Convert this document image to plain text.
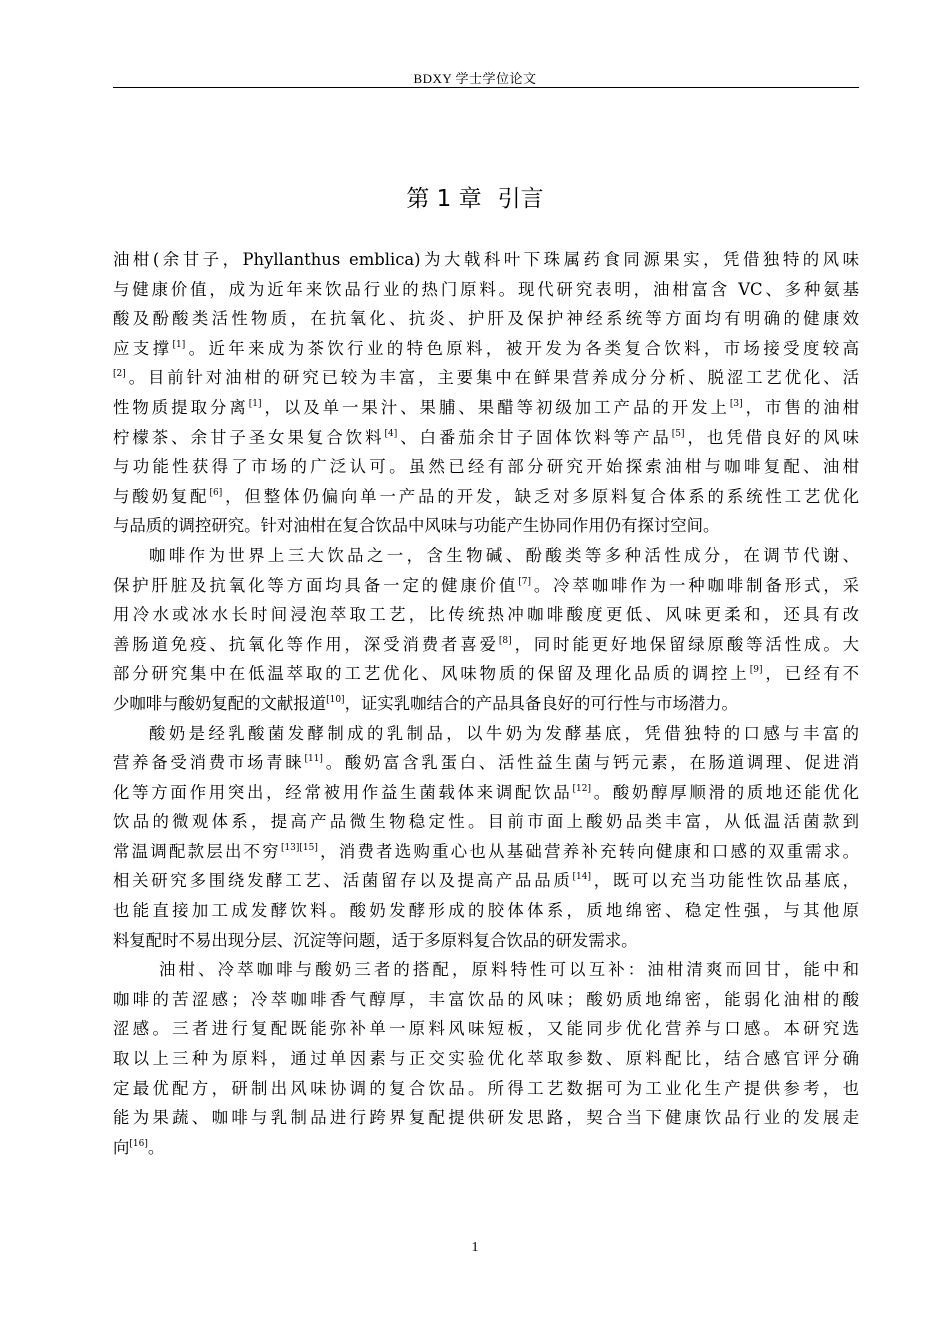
BDXY 学士学位论文
第 1 章 引言
油柑(余甘子，Phyllanthus emblica)为大戟科叶下珠属药食同源果实，凭借独特的风味
与健康价值，成为近年来饮品行业的热门原料。现代研究表明，油柑富含 VC、多种氨基
酸及酚酸类活性物质，在抗氧化、抗炎、护肝及保护神经系统等方面均有明确的健康效
应支撑[1]。近年来成为茶饮行业的特色原料，被开发为各类复合饮料，市场接受度较高
[2]。目前针对油柑的研究已较为丰富，主要集中在鲜果营养成分分析、脱涩工艺优化、活
性物质提取分离[1]，以及单一果汁、果脯、果醋等初级加工产品的开发上[3]，市售的油柑
柠檬茶、余甘子圣女果复合饮料[4]、白番茄余甘子固体饮料等产品[5]，也凭借良好的风味
与功能性获得了市场的广泛认可。虽然已经有部分研究开始探索油柑与咖啡复配、油柑
与酸奶复配[6]，但整体仍偏向单一产品的开发，缺乏对多原料复合体系的系统性工艺优化
与品质的调控研究。针对油柑在复合饮品中风味与功能产生协同作用仍有探讨空间。
咖啡作为世界上三大饮品之一，含生物碱、酚酸类等多种活性成分，在调节代谢、
保护肝脏及抗氧化等方面均具备一定的健康价值[7]。冷萃咖啡作为一种咖啡制备形式，采
用冷水或冰水长时间浸泡萃取工艺，比传统热冲咖啡酸度更低、风味更柔和，还具有改
善肠道免疫、抗氧化等作用，深受消费者喜爱[8]，同时能更好地保留绿原酸等活性成。大
部分研究集中在低温萃取的工艺优化、风味物质的保留及理化品质的调控上[9]，已经有不
少咖啡与酸奶复配的文献报道[10]，证实乳咖结合的产品具备良好的可行性与市场潜力。
酸奶是经乳酸菌发酵制成的乳制品，以牛奶为发酵基底，凭借独特的口感与丰富的
营养备受消费市场青睐[11]。酸奶富含乳蛋白、活性益生菌与钙元素，在肠道调理、促进消
化等方面作用突出，经常被用作益生菌载体来调配饮品[12]。酸奶醇厚顺滑的质地还能优化
饮品的微观体系，提高产品微生物稳定性。目前市面上酸奶品类丰富，从低温活菌款到
常温调配款层出不穷[13][15]，消费者选购重心也从基础营养补充转向健康和口感的双重需求。
相关研究多围绕发酵工艺、活菌留存以及提高产品品质[14]，既可以充当功能性饮品基底，
也能直接加工成发酵饮料。酸奶发酵形成的胶体体系，质地绵密、稳定性强，与其他原
料复配时不易出现分层、沉淀等问题，适于多原料复合饮品的研发需求。
油柑、冷萃咖啡与酸奶三者的搭配，原料特性可以互补：油柑清爽而回甘，能中和
咖啡的苦涩感；冷萃咖啡香气醇厚，丰富饮品的风味；酸奶质地绵密，能弱化油柑的酸
涩感。三者进行复配既能弥补单一原料风味短板，又能同步优化营养与口感。本研究选
取以上三种为原料，通过单因素与正交实验优化萃取参数、原料配比，结合感官评分确
定最优配方，研制出风味协调的复合饮品。所得工艺数据可为工业化生产提供参考，也
能为果蔬、咖啡与乳制品进行跨界复配提供研发思路，契合当下健康饮品行业的发展走
向[16]。
1
